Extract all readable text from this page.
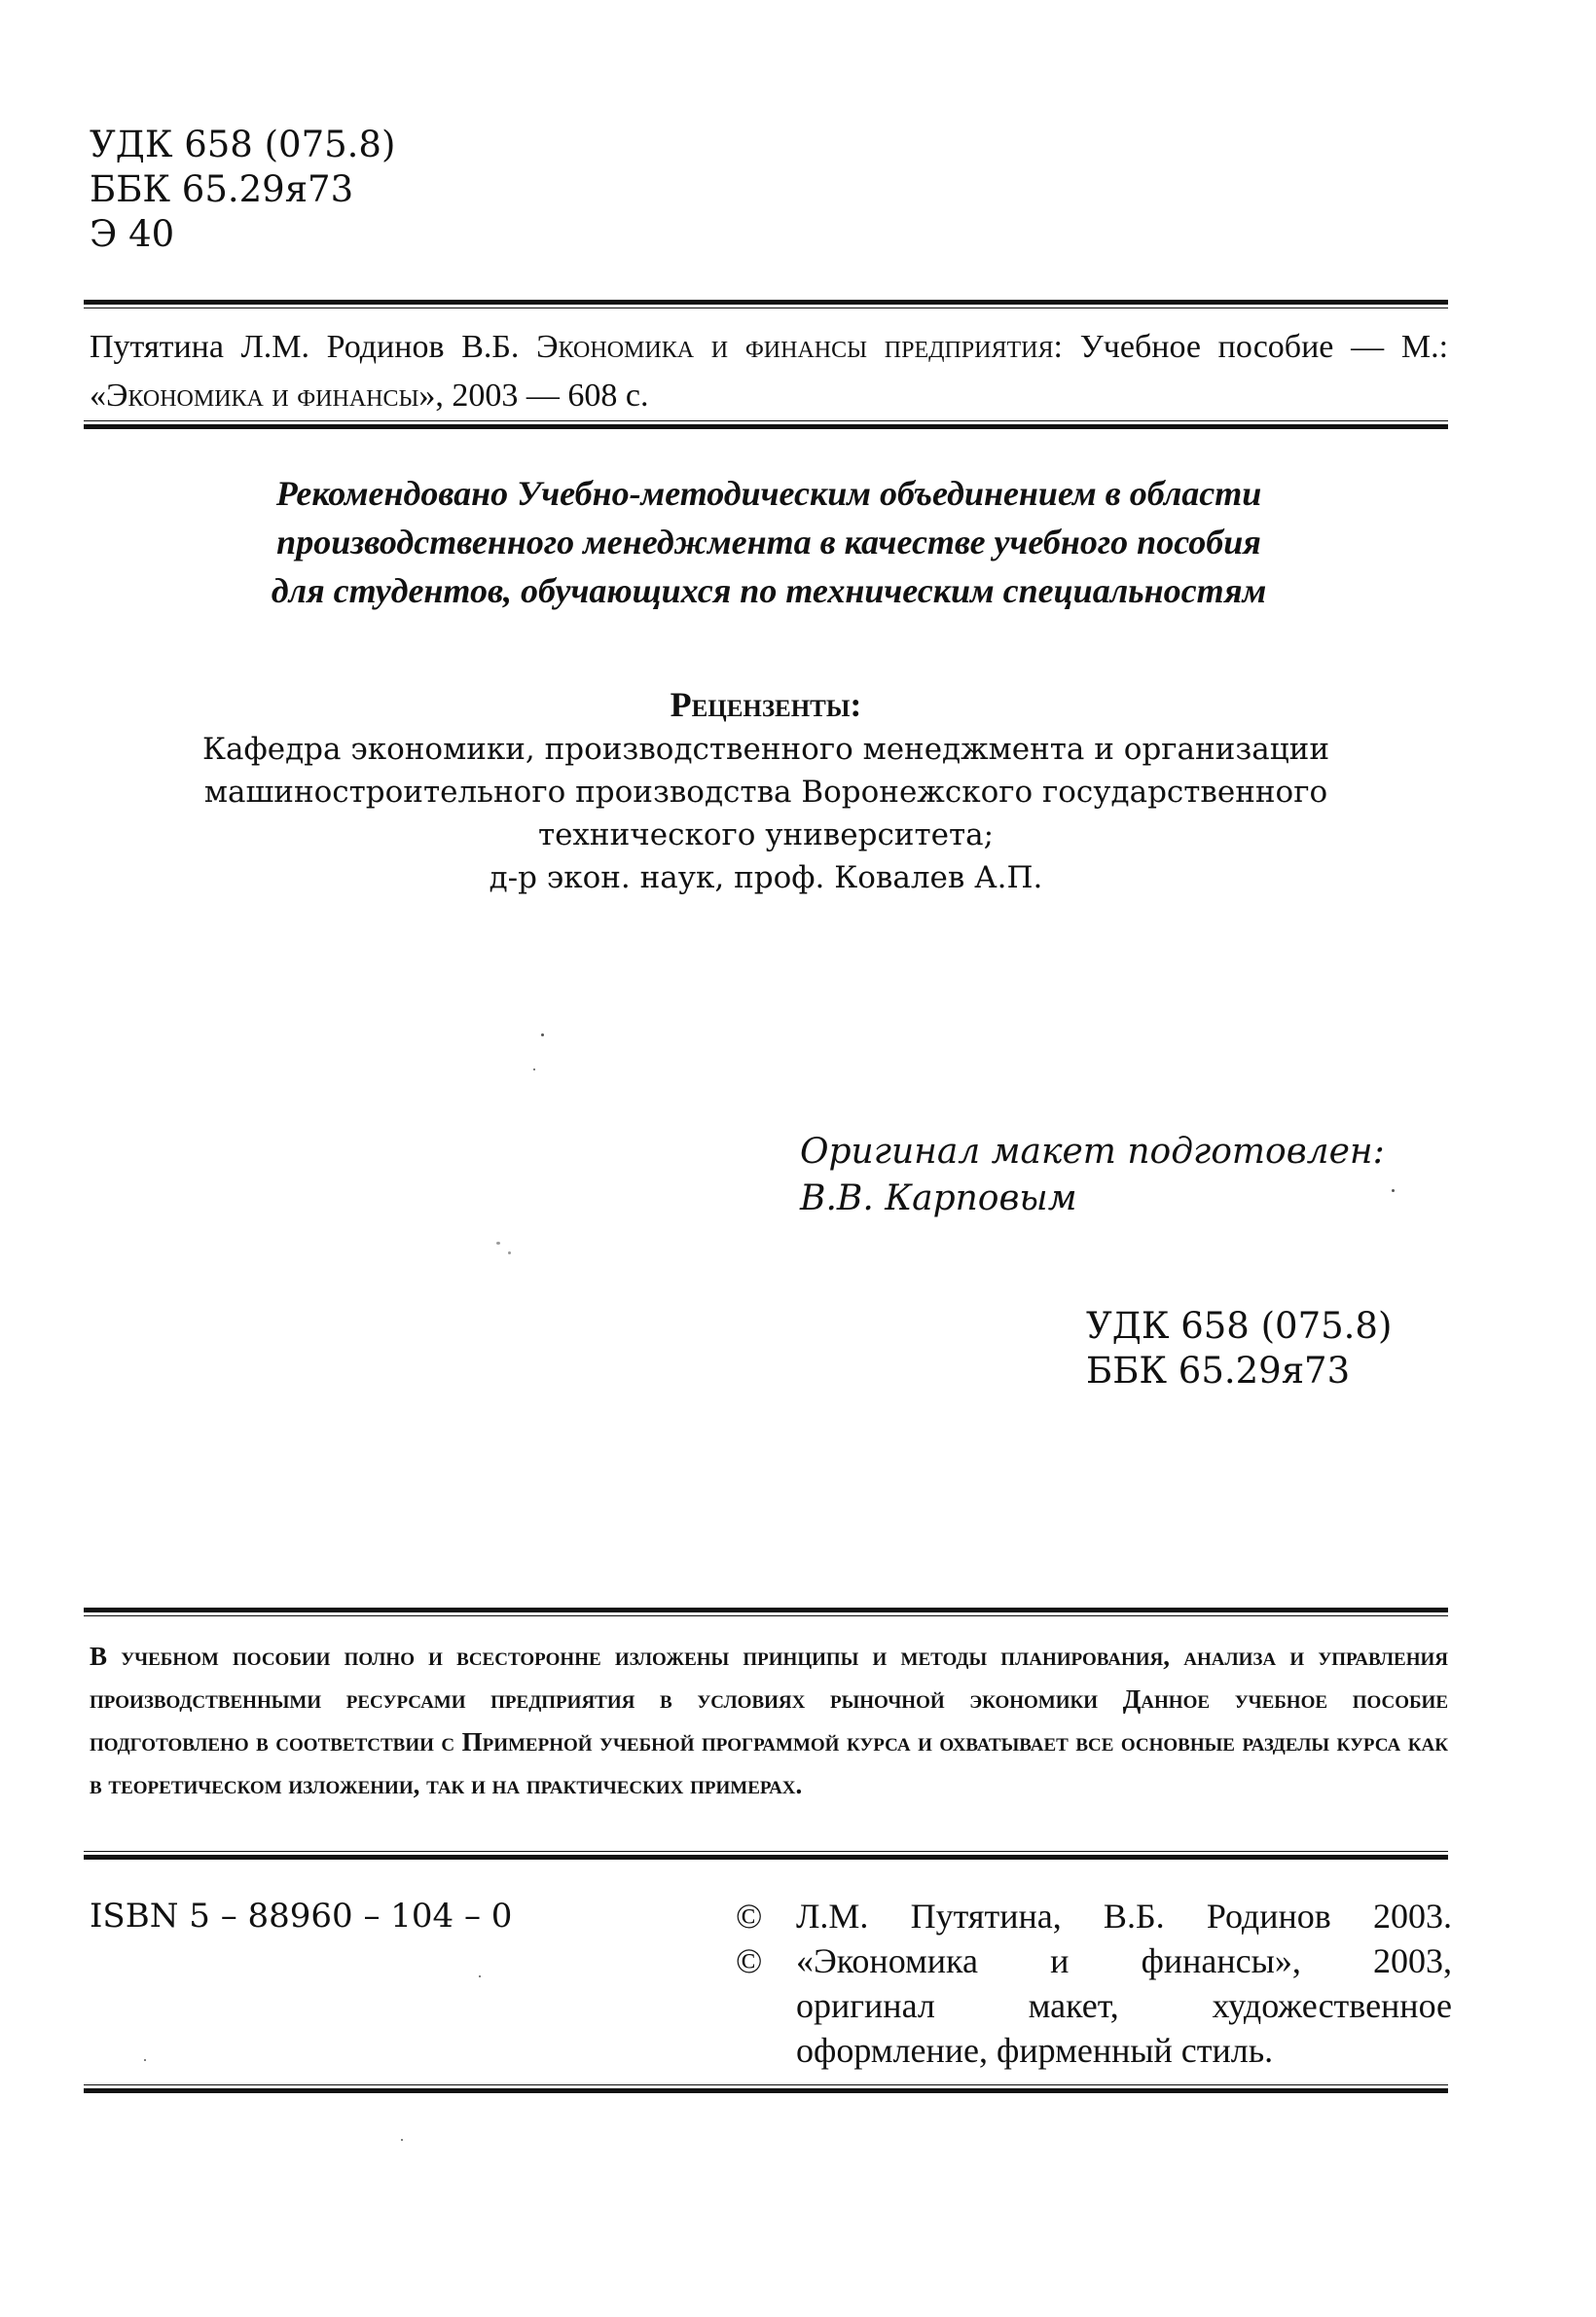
УДК 658 (075.8)
ББК 65.29я73
Э 40
Путятина Л.М. Родинов В.Б. Экономика и финансы предприятия: Учебное пособие — М.: «Экономика и финансы», 2003 — 608 с.
Рекомендовано Учебно-методическим объединением в области
производственного менеджмента в качестве учебного пособия
для студентов, обучающихся по техническим специальностям
Рецензенты:
Кафедра экономики, производственного менеджмента и организации
машиностроительного производства Воронежского государственного
технического университета;
д-р экон. наук, проф. Ковалев А.П.
Оригинал макет подготовлен:
В.В. Карповым
УДК 658 (075.8)
ББК 65.29я73
В учебном пособии полно и всесторонне изложены принципы и методы планирования, анализа и управления производственными ресурсами предприятия в условиях рыночной экономики Данное учебное пособие подготовлено в соответствии с Примерной учебной программой курса и охватывает все основные разделы курса как в теоретическом изложении, так и на практических примерах.
ISBN 5 – 88960 – 104 – 0	© Л.М. Путятина, В.Б. Родинов 2003.
© «Экономика и финансы», 2003,
оригинал макет, художественное
оформление, фирменный стиль.
